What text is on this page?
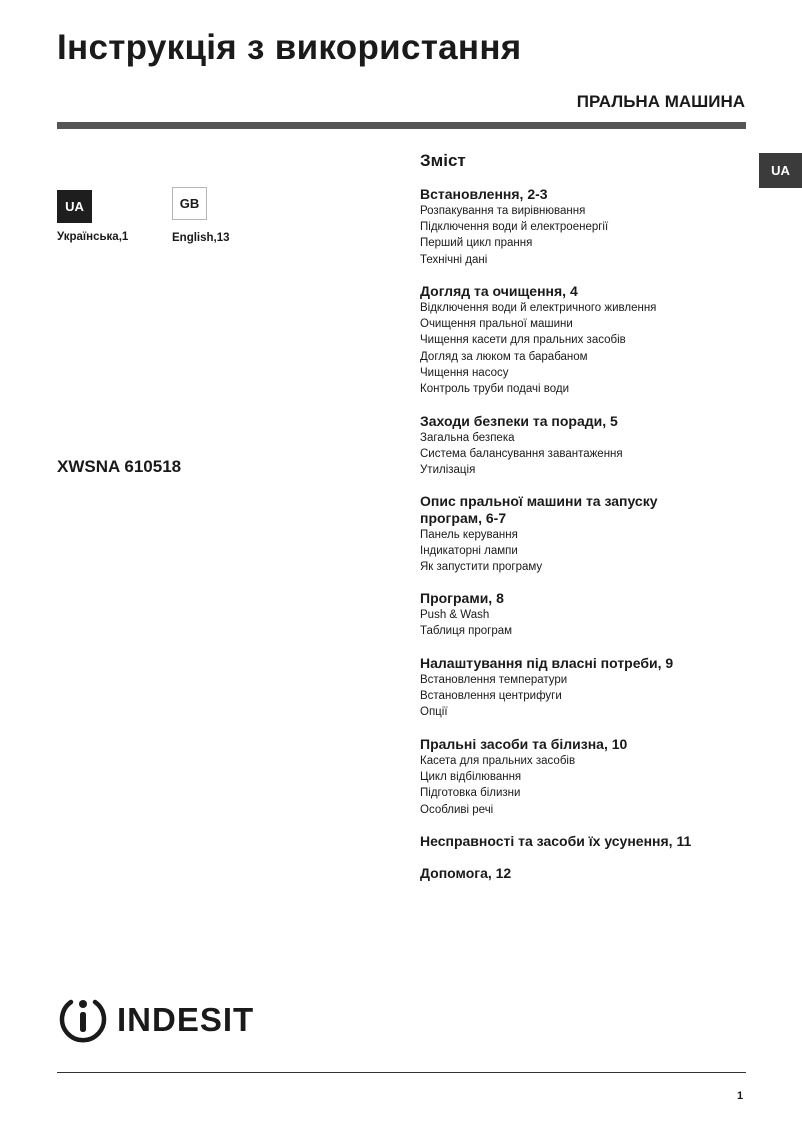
Інструкція з використання
ПРАЛЬНА МАШИНА
UA
UA
Українська,1
GB
English,13
XWSNA 610518
Зміст
Встановлення, 2-3
Розпакування та вирівнювання
Підключення води й електроенергії
Перший цикл прання
Технічні дані
Догляд та очищення, 4
Відключення води й електричного живлення
Очищення пральної машини
Чищення касети для пральних засобів
Догляд за люком та барабаном
Чищення насосу
Контроль труби подачі води
Заходи безпеки та поради, 5
Загальна безпека
Система балансування завантаження
Утилізація
Опис пральної машини та запуску програм, 6-7
Панель керування
Індикаторні лампи
Як запустити програму
Програми, 8
Push & Wash
Таблиця програм
Налаштування під власні потреби, 9
Встановлення температури
Встановлення центрифуги
Опції
Пральні засоби та білизна, 10
Касета для пральних засобів
Цикл відбілювання
Підготовка білизни
Особливі речі
Несправності та засоби їх усунення, 11
Допомога, 12
INDESIT
1
